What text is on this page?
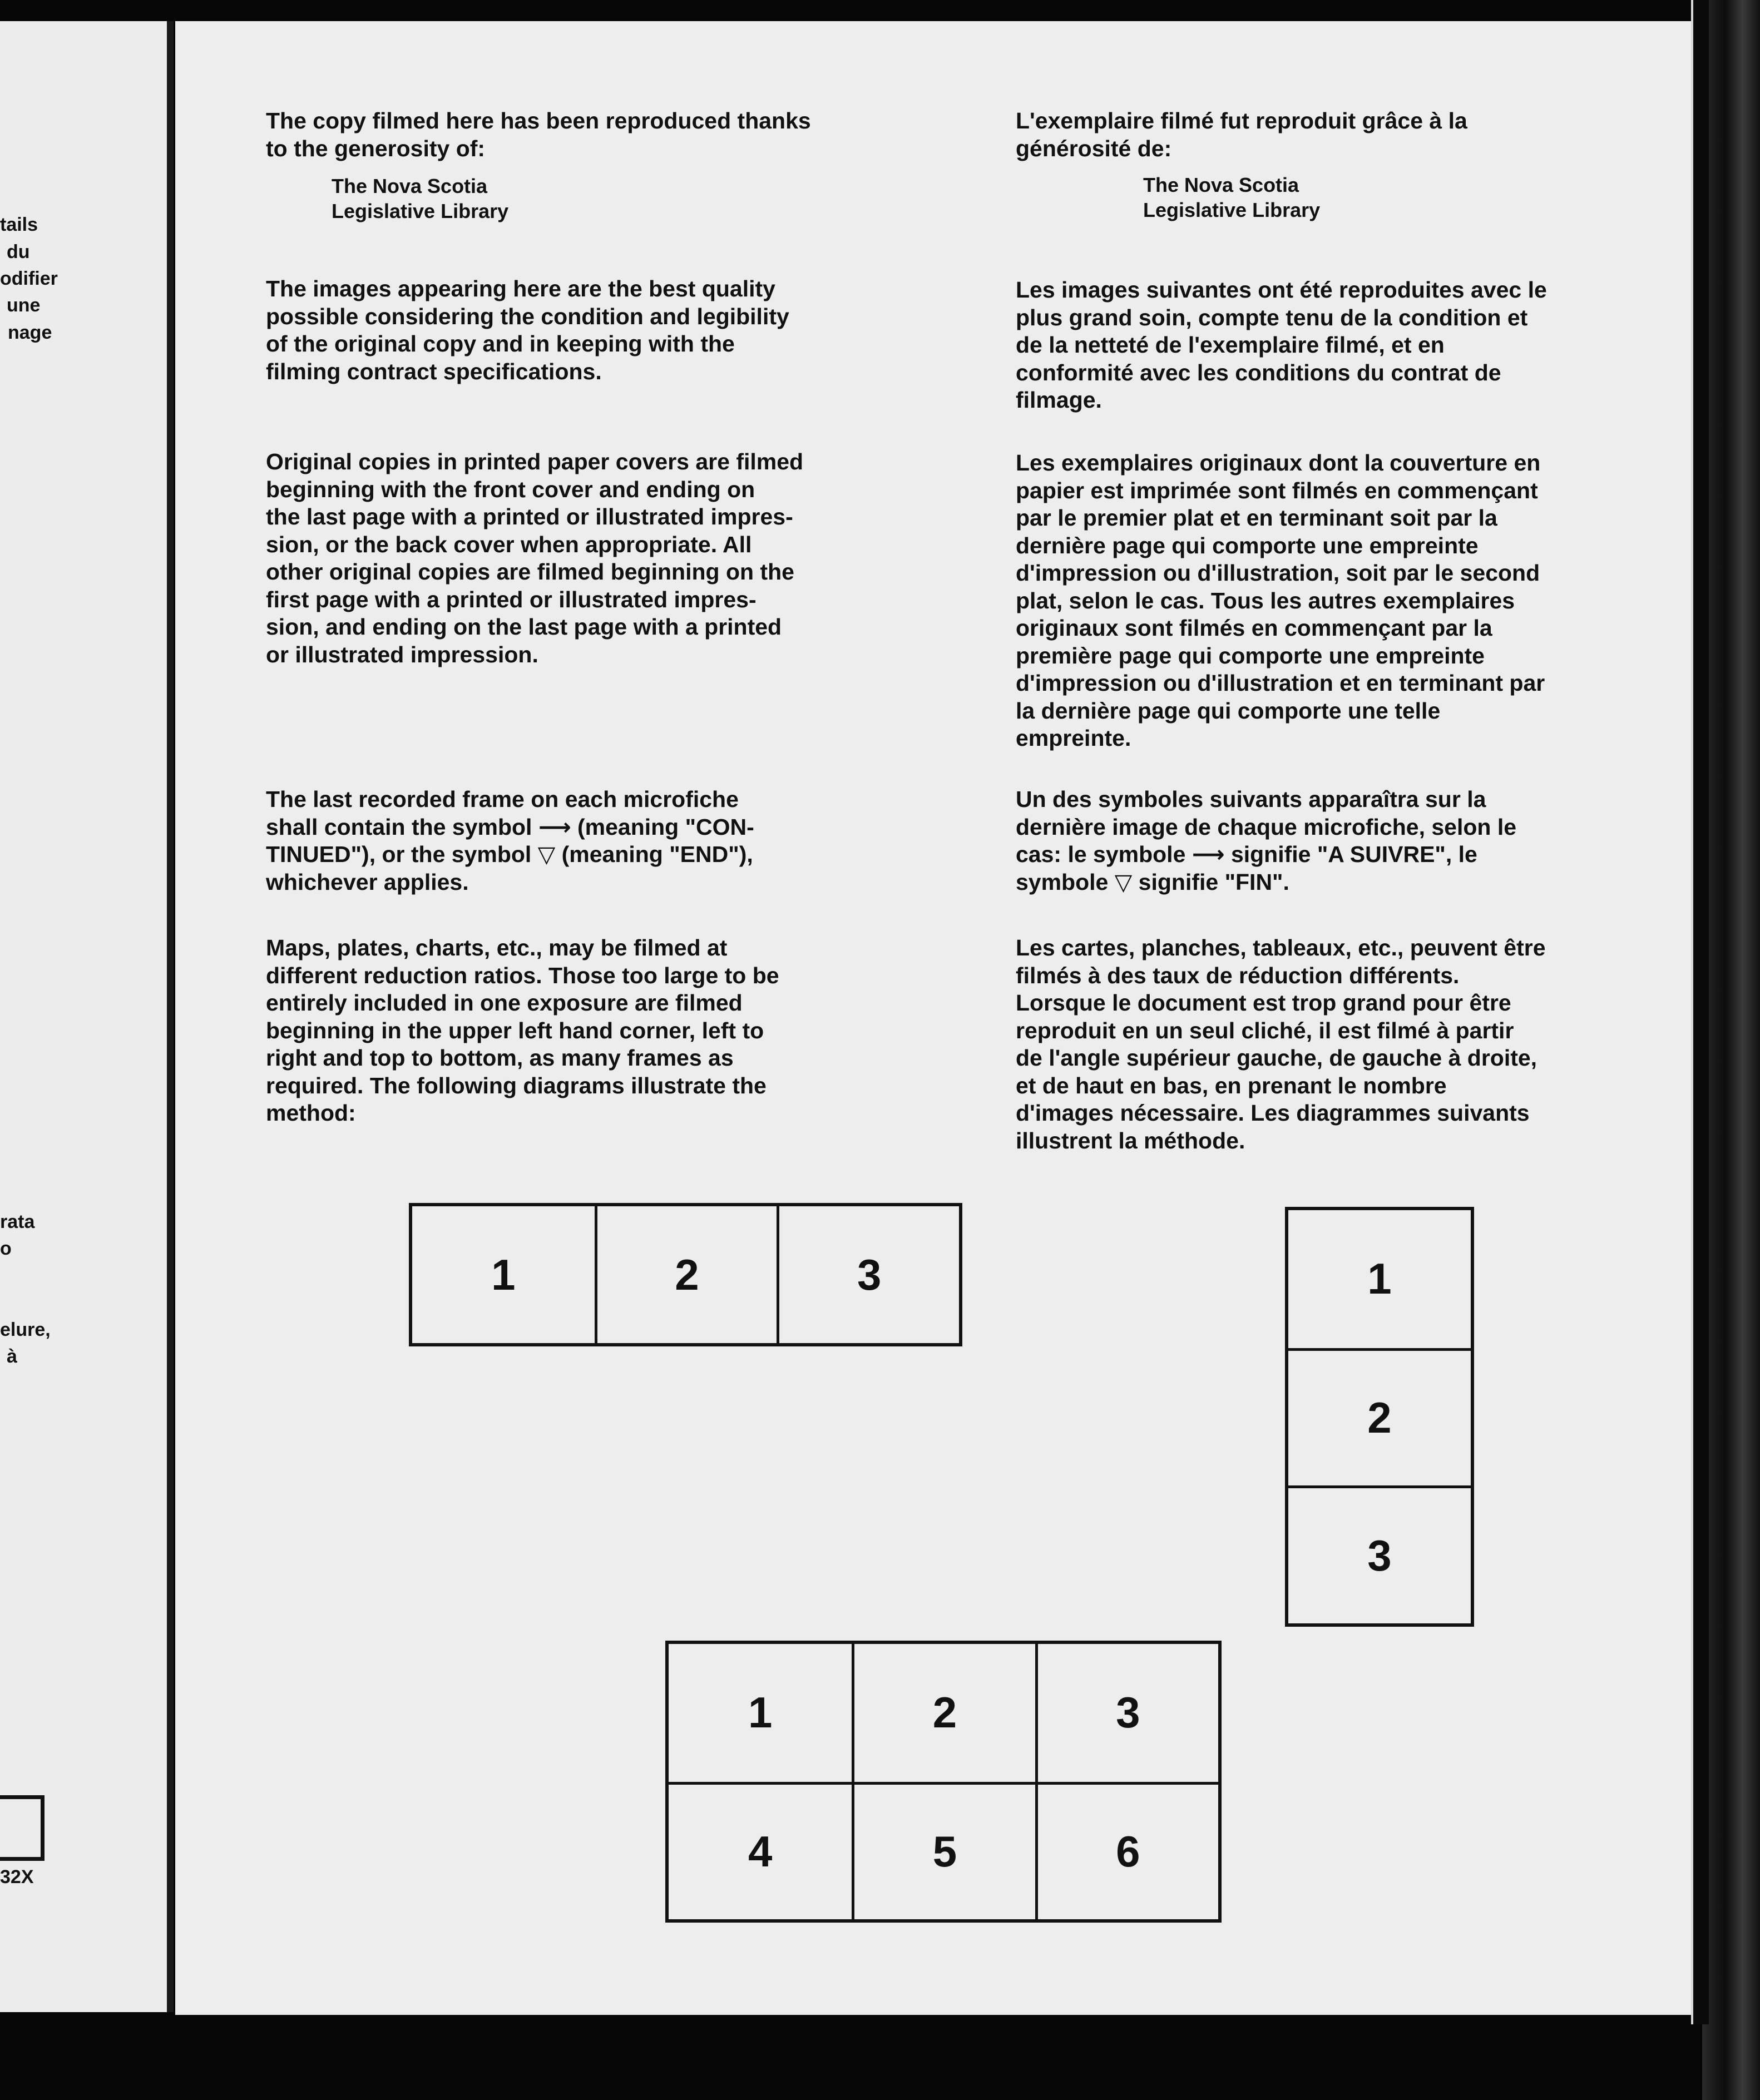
tails
du
odifier
une
nage
rata
o
elure,
à
32X
The copy filmed here has been reproduced thanks
to the generosity of:
The Nova Scotia
Legislative Library
The images appearing here are the best quality
possible considering the condition and legibility
of the original copy and in keeping with the
filming contract specifications.
Original copies in printed paper covers are filmed
beginning with the front cover and ending on
the last page with a printed or illustrated impres-
sion, or the back cover when appropriate. All
other original copies are filmed beginning on the
first page with a printed or illustrated impres-
sion, and ending on the last page with a printed
or illustrated impression.
The last recorded frame on each microfiche
shall contain the symbol ⟶ (meaning "CON-
TINUED"), or the symbol ▽ (meaning "END"),
whichever applies.
Maps, plates, charts, etc., may be filmed at
different reduction ratios. Those too large to be
entirely included in one exposure are filmed
beginning in the upper left hand corner, left to
right and top to bottom, as many frames as
required. The following diagrams illustrate the
method:
L'exemplaire filmé fut reproduit grâce à la
générosité de:
The Nova Scotia
Legislative Library
Les images suivantes ont été reproduites avec le
plus grand soin, compte tenu de la condition et
de la netteté de l'exemplaire filmé, et en
conformité avec les conditions du contrat de
filmage.
Les exemplaires originaux dont la couverture en
papier est imprimée sont filmés en commençant
par le premier plat et en terminant soit par la
dernière page qui comporte une empreinte
d'impression ou d'illustration, soit par le second
plat, selon le cas. Tous les autres exemplaires
originaux sont filmés en commençant par la
première page qui comporte une empreinte
d'impression ou d'illustration et en terminant par
la dernière page qui comporte une telle
empreinte.
Un des symboles suivants apparaîtra sur la
dernière image de chaque microfiche, selon le
cas: le symbole ⟶ signifie "A SUIVRE", le
symbole ▽ signifie "FIN".
Les cartes, planches, tableaux, etc., peuvent être
filmés à des taux de réduction différents.
Lorsque le document est trop grand pour être
reproduit en un seul cliché, il est filmé à partir
de l'angle supérieur gauche, de gauche à droite,
et de haut en bas, en prenant le nombre
d'images nécessaire. Les diagrammes suivants
illustrent la méthode.
1	2	3	1
2
3
1	2	3
4	5	6
